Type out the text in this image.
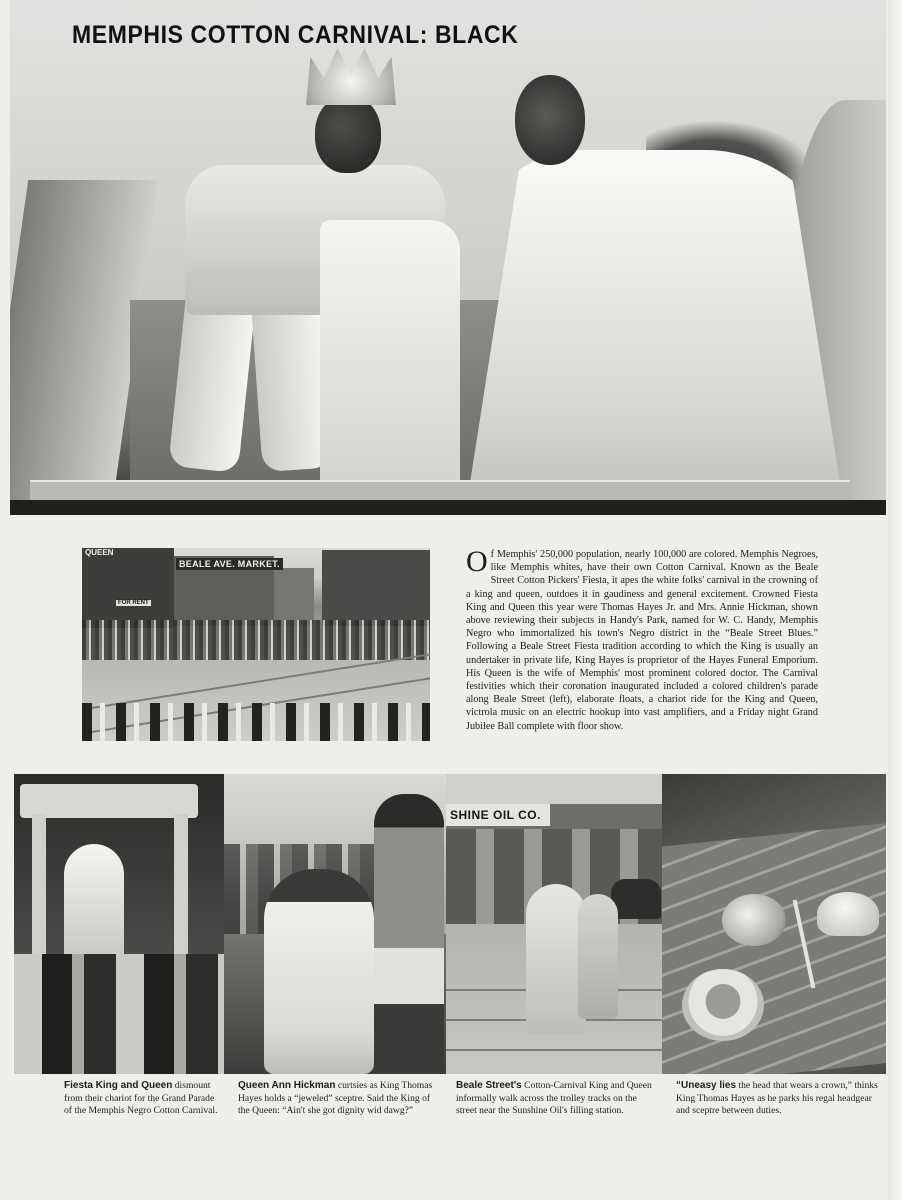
MEMPHIS COTTON CARNIVAL: BLACK
QUEEN
BEALE AVE. MARKET.
FOR RENT

Of Memphis' 250,000 population, nearly 100,000 are colored. Memphis Negroes, like Memphis whites, have their own Cotton Carnival. Known as the Beale Street Cotton Pickers' Fiesta, it apes the white folks' carnival in the crowning of a king and queen, outdoes it in gaudiness and general excitement. Crowned Fiesta King and Queen this year were Thomas Hayes Jr. and Mrs. Annie Hickman, shown above reviewing their subjects in Handy's Park, named for W. C. Handy, Memphis Negro who immortalized his town's Negro district in the “Beale Street Blues.” Following a Beale Street Fiesta tradition according to which the King is usually an undertaker in private life, King Hayes is proprietor of the Hayes Funeral Emporium. His Queen is the wife of Memphis' most prominent colored doctor. The Carnival festivities which their coronation inaugurated included a colored children's parade along Beale Street (left), elaborate floats, a chariot ride for the King and Queen, victrola music on an electric hookup into vast amplifiers, and a Friday night Grand Jubilee Ball complete with floor show.

SHINE OIL CO.

Fiesta King and Queen dismount from their chariot for the Grand Parade of the Memphis Negro Cotton Carnival.

Queen Ann Hickman curtsies as King Thomas Hayes holds a “jeweled” sceptre. Said the King of the Queen: “Ain't she got dignity wid dawg?”

Beale Street's Cotton-Carnival King and Queen informally walk across the trolley tracks on the street near the Sunshine Oil's filling station.

“Uneasy lies the head that wears a crown,” thinks King Thomas Hayes as he parks his regal headgear and sceptre between duties.
